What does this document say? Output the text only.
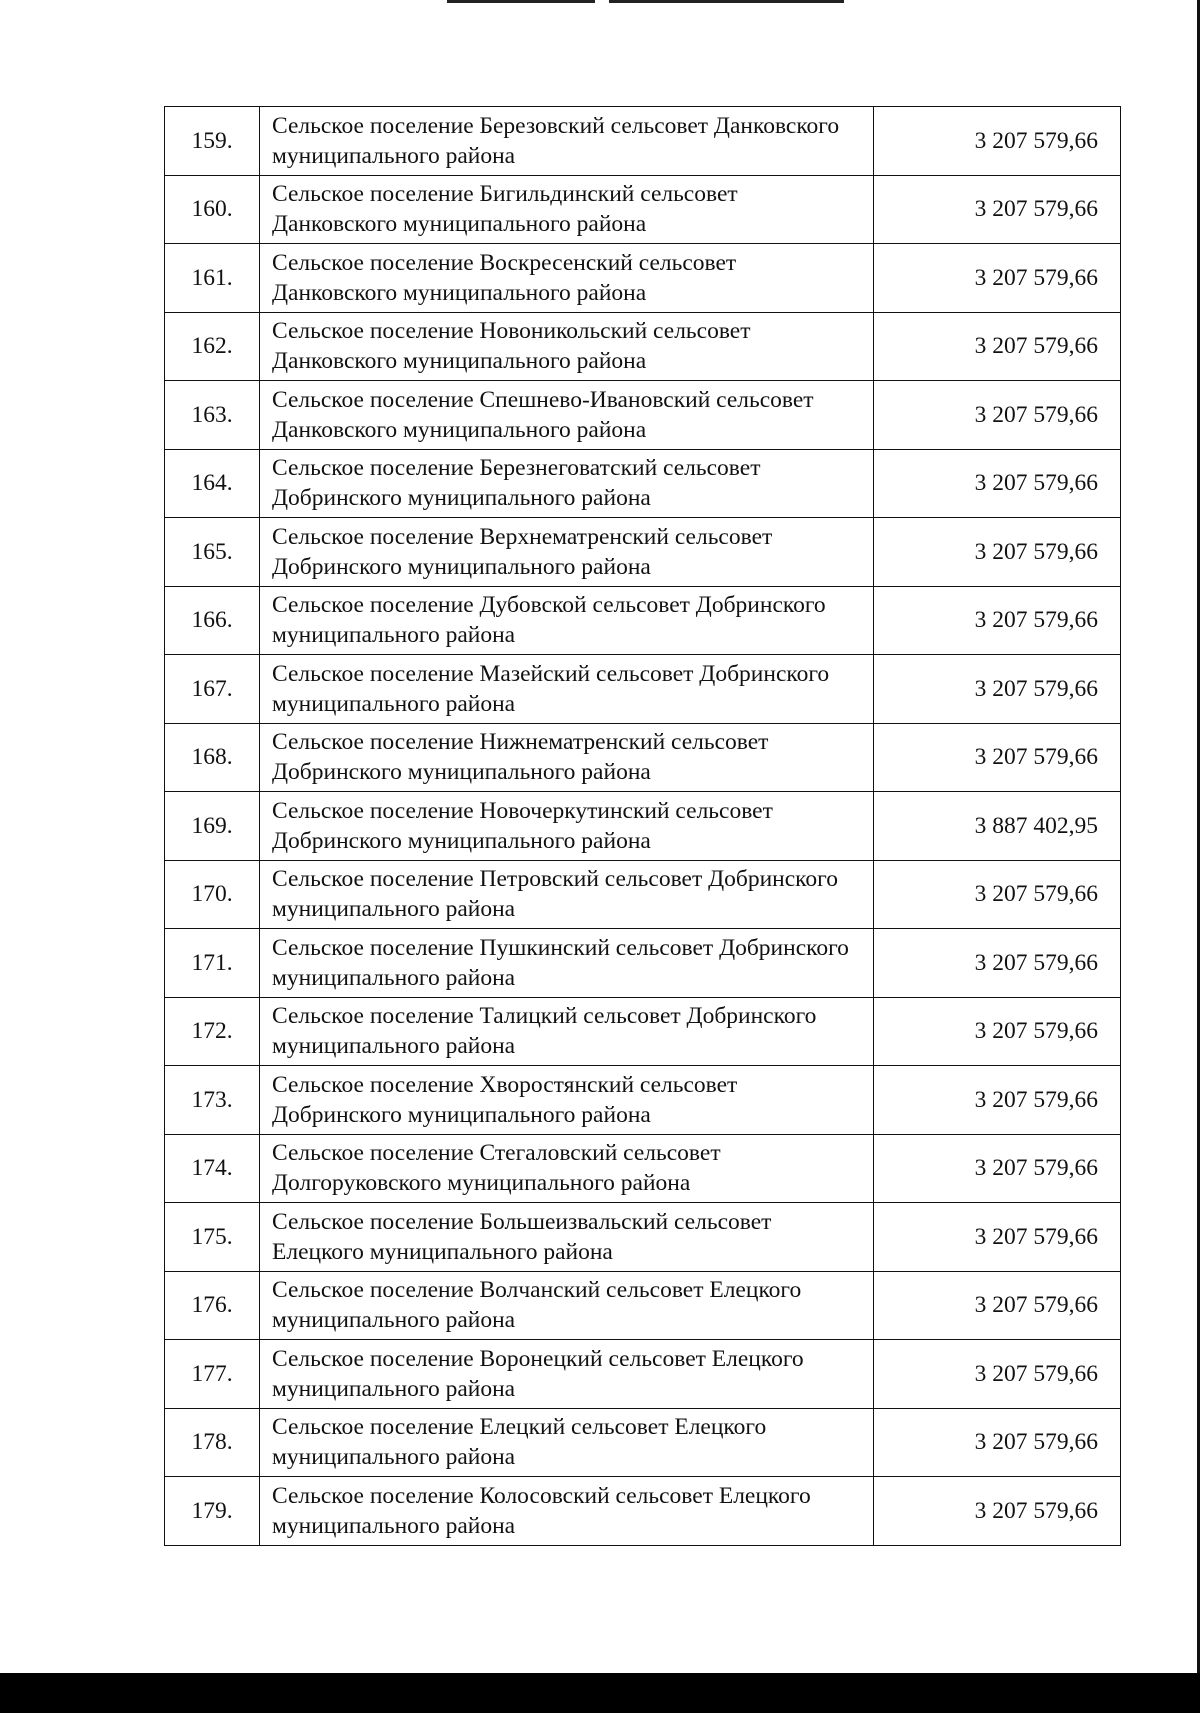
159.	Сельское поселение Березовский сельсовет Данковского муниципального района	3 207 579,66
160.	Сельское поселение Бигильдинский сельсовет Данковского муниципального района	3 207 579,66
161.	Сельское поселение Воскресенский сельсовет Данковского муниципального района	3 207 579,66
162.	Сельское поселение Новоникольский сельсовет Данковского муниципального района	3 207 579,66
163.	Сельское поселение Спешнево-Ивановский сельсовет Данковского муниципального района	3 207 579,66
164.	Сельское поселение Березнеговатский сельсовет Добринского муниципального района	3 207 579,66
165.	Сельское поселение Верхнематренский сельсовет Добринского муниципального района	3 207 579,66
166.	Сельское поселение Дубовской сельсовет Добринского муниципального района	3 207 579,66
167.	Сельское поселение Мазейский сельсовет Добринского муниципального района	3 207 579,66
168.	Сельское поселение Нижнематренский сельсовет Добринского муниципального района	3 207 579,66
169.	Сельское поселение Новочеркутинский сельсовет Добринского муниципального района	3 887 402,95
170.	Сельское поселение Петровский сельсовет Добринского муниципального района	3 207 579,66
171.	Сельское поселение Пушкинский сельсовет Добринского муниципального района	3 207 579,66
172.	Сельское поселение Талицкий сельсовет Добринского муниципального района	3 207 579,66
173.	Сельское поселение Хворостянский сельсовет Добринского муниципального района	3 207 579,66
174.	Сельское поселение Стегаловский сельсовет Долгоруковского муниципального района	3 207 579,66
175.	Сельское поселение Большеизвальский сельсовет Елецкого муниципального района	3 207 579,66
176.	Сельское поселение Волчанский сельсовет Елецкого муниципального района	3 207 579,66
177.	Сельское поселение Воронецкий сельсовет Елецкого муниципального района	3 207 579,66
178.	Сельское поселение Елецкий сельсовет Елецкого муниципального района	3 207 579,66
179.	Сельское поселение Колосовский сельсовет Елецкого муниципального района	3 207 579,66
